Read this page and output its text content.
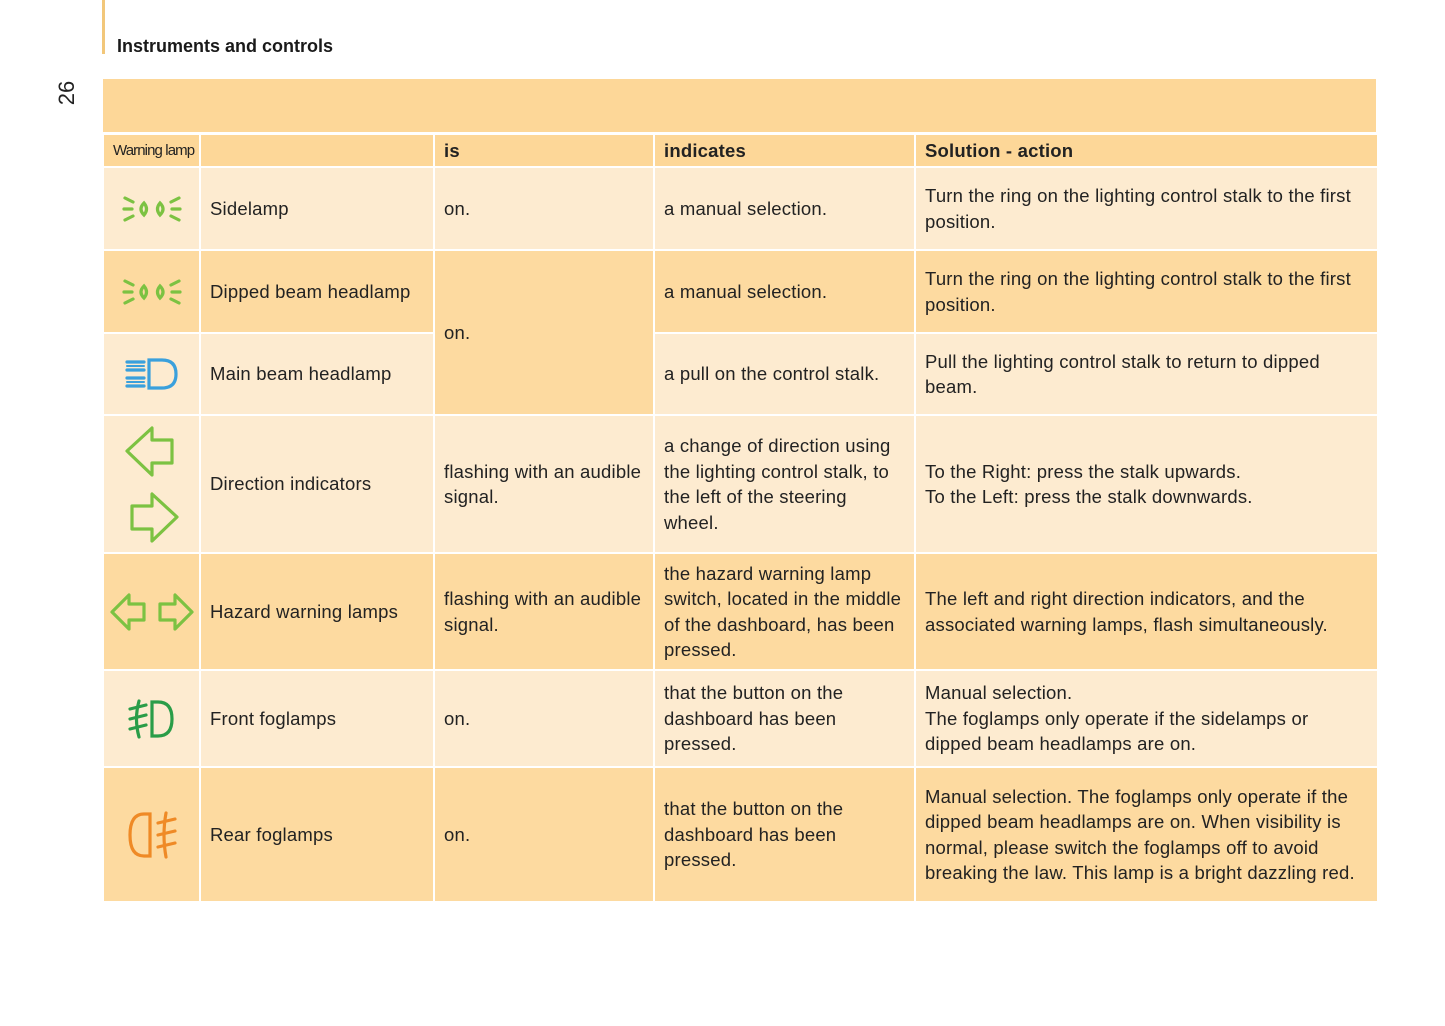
Instruments and controls
26
Warning lamp		is	indicates	Solution - action

	Sidelamp	on.	a manual selection.	Turn the ring on the lighting control stalk to the first position.

	Dipped beam headlamp	on.	a manual selection.	Turn the ring on the lighting control stalk to the first position.

	Main beam headlamp		a pull on the control stalk.	Pull the lighting control stalk to return to dipped beam.

	Direction indicators	flashing with an audible signal.	a change of direction using the lighting control stalk, to the left of the steering wheel.	To the Right: press the stalk upwards.
To the Left: press the stalk downwards.

	Hazard warning lamps	flashing with an audible signal.	the hazard warning lamp switch, located in the middle of the dashboard, has been pressed.	The left and right direction indicators, and the associated warning lamps, flash simultaneously.

	Front foglamps	on.	that the button on the dashboard has been pressed.	Manual selection.
The foglamps only operate if the sidelamps or dipped beam headlamps are on.

	Rear foglamps	on.	that the button on the dashboard has been pressed.	Manual selection. The foglamps only operate if the dipped beam headlamps are on. When visibility is normal, please switch the foglamps off to avoid breaking the law. This lamp is a bright dazzling red.
